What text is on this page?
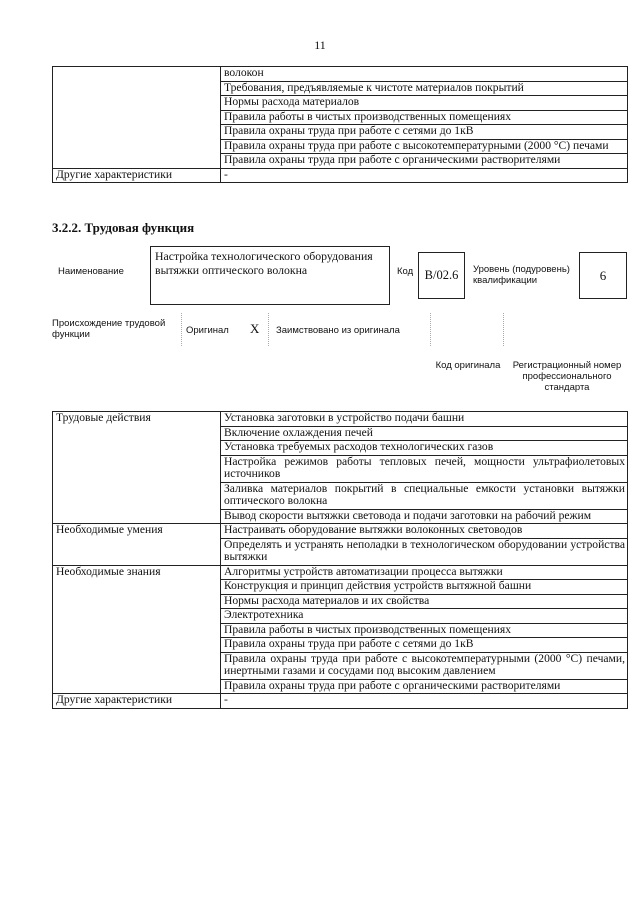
11
	волокон
	Требования, предъявляемые к чистоте материалов покрытий
	Нормы расхода материалов
	Правила работы в чистых производственных помещениях
	Правила охраны труда при работе с сетями до 1кВ
	Правила охраны труда при работе с высокотемпературными (2000 °С) печами
	Правила охраны труда при работе с органическими растворителями
Другие характеристики	-
3.2.2. Трудовая функция
Наименование
Настройка технологического оборудования вытяжки оптического волокна	Код B/02.6	Уровень (подуровень) квалификации	6
Происхождение трудовой функции	Оригинал X Заимствовано из оригинала
Код оригинала	Регистрационный номер профессионального стандарта
Трудовые действия	Установка заготовки в устройство подачи башни
	Включение охлаждения печей
	Установка требуемых расходов технологических газов
	Настройка режимов работы тепловых печей, мощности ультрафиолетовых источников
	Заливка материалов покрытий в специальные емкости установки вытяжки оптического волокна
	Вывод скорости вытяжки световода и подачи заготовки на рабочий режим
Необходимые умения	Настраивать оборудование вытяжки волоконных световодов
	Определять и устранять неполадки в технологическом оборудовании устройства вытяжки
Необходимые знания	Алгоритмы устройств автоматизации процесса вытяжки
	Конструкция и принцип действия устройств вытяжной башни
	Нормы расхода материалов и их свойства
	Электротехника
	Правила работы в чистых производственных помещениях
	Правила охраны труда при работе с сетями до 1кВ
	Правила охраны труда при работе с высокотемпературными (2000 °С) печами, инертными газами и сосудами под высоким давлением
	Правила охраны труда при работе с органическими растворителями
Другие характеристики	-
